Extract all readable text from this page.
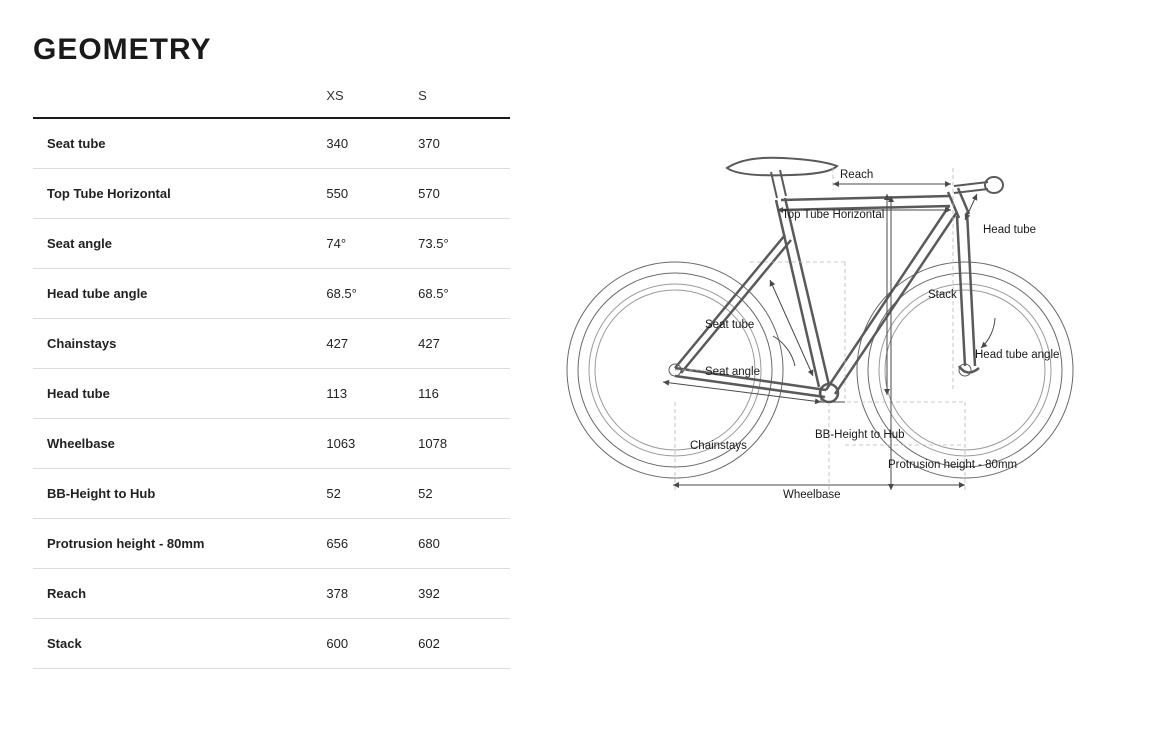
GEOMETRY
	XS	S
Seat tube	340	370
Top Tube Horizontal	550	570
Seat angle	74°	73.5°
Head tube angle	68.5°	68.5°
Chainstays	427	427
Head tube	113	116
Wheelbase	1063	1078
BB-Height to Hub	52	52
Protrusion height - 80mm	656	680
Reach	378	392
Stack	600	602
Reach
Top Tube Horizontal
Head tube
Stack
Seat tube
Seat angle
Head tube angle
BB-Height to Hub
Chainstays
Protrusion height - 80mm
Wheelbase
